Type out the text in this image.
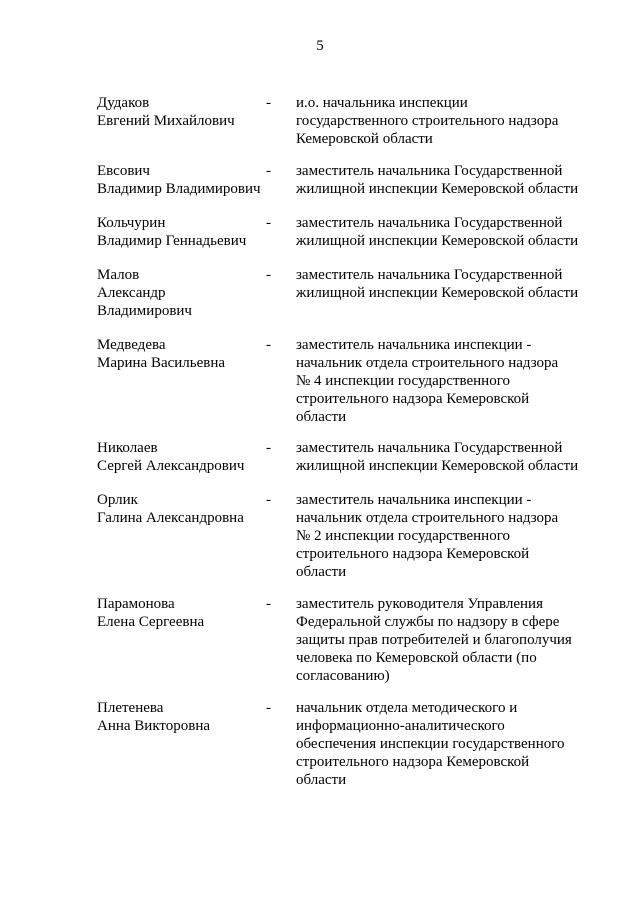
5
Дудаков
Евгений Михайлович
- и.о. начальника инспекции
государственного строительного надзора
Кемеровской области
Евсович
Владимир Владимирович
- заместитель начальника Государственной
жилищной инспекции Кемеровской области
Кольчурин
Владимир Геннадьевич
- заместитель начальника Государственной
жилищной инспекции Кемеровской области
Малов
Александр
Владимирович
- заместитель начальника Государственной
жилищной инспекции Кемеровской области
Медведева
Марина Васильевна
- заместитель начальника инспекции -
начальник отдела строительного надзора
№ 4 инспекции государственного
строительного надзора Кемеровской
области
Николаев
Сергей Александрович
- заместитель начальника Государственной
жилищной инспекции Кемеровской области
Орлик
Галина Александровна
- заместитель начальника инспекции -
начальник отдела строительного надзора
№ 2 инспекции государственного
строительного надзора Кемеровской
области
Парамонова
Елена Сергеевна
- заместитель руководителя Управления
Федеральной службы по надзору в сфере
защиты прав потребителей и благополучия
человека по Кемеровской области (по
согласованию)
Плетенева
Анна Викторовна
- начальник отдела методического и
информационно-аналитического
обеспечения инспекции государственного
строительного надзора Кемеровской
области
